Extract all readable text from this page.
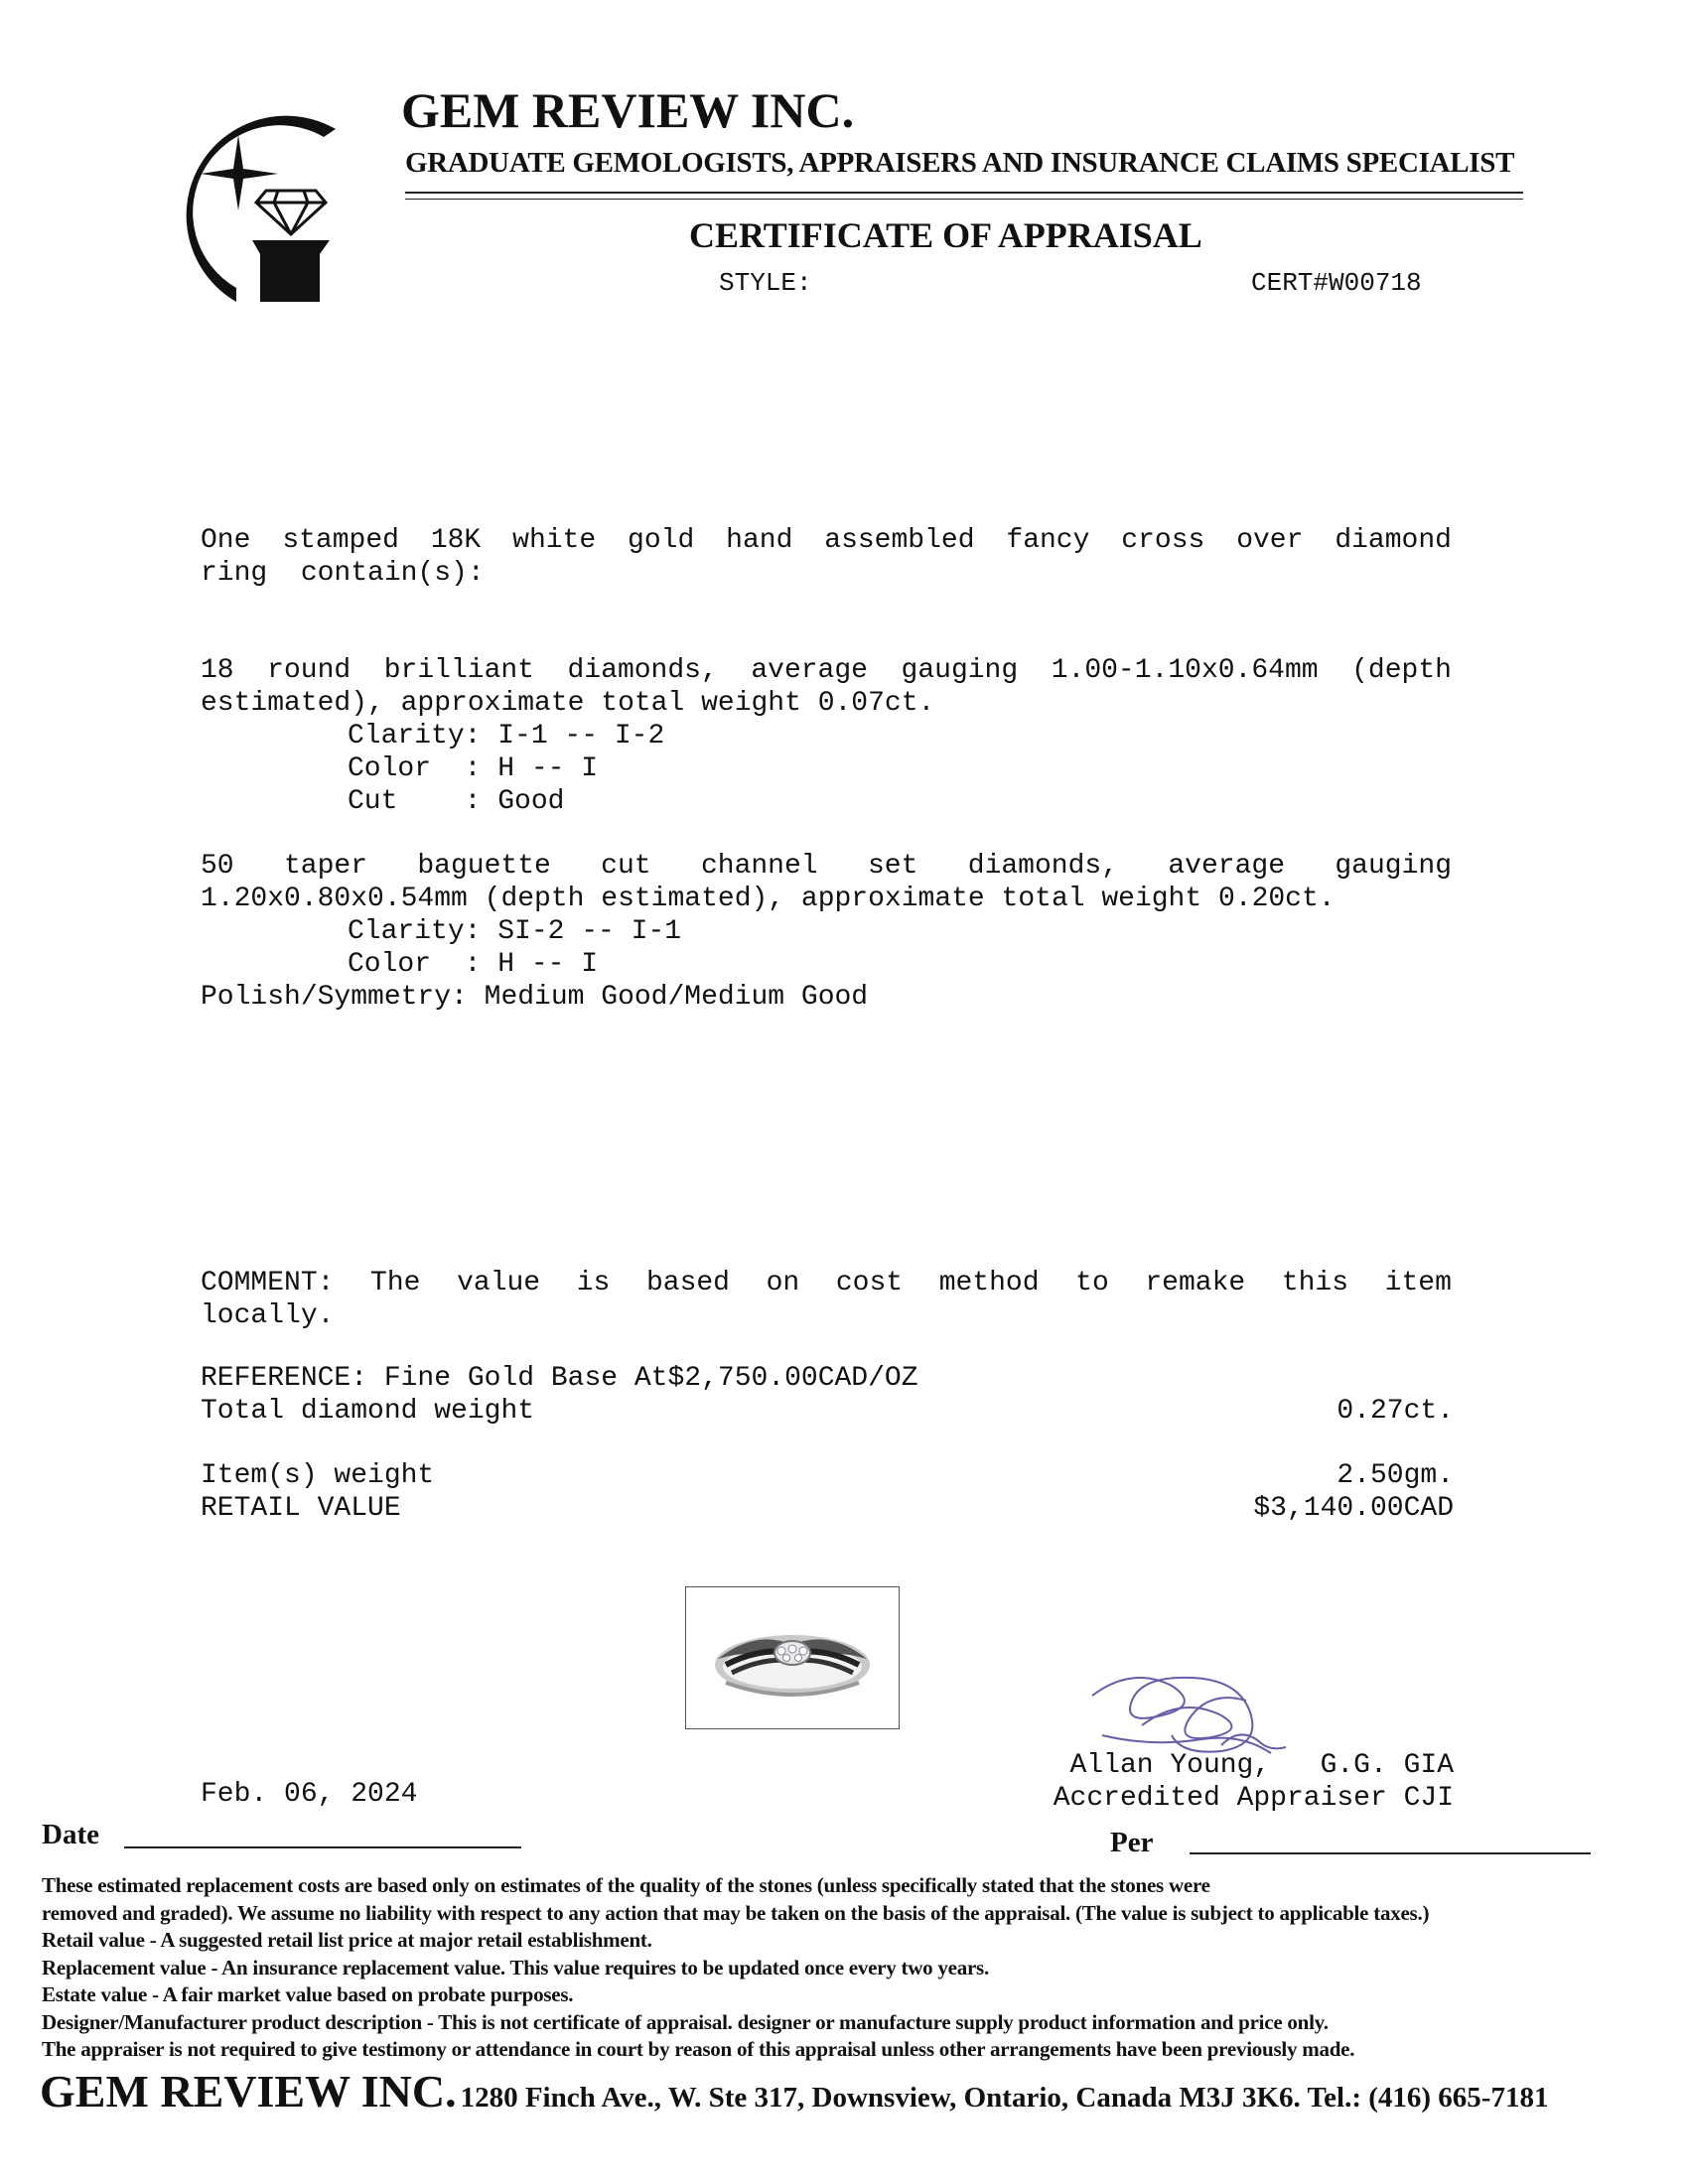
GEM REVIEW INC.
GRADUATE GEMOLOGISTS, APPRAISERS AND INSURANCE CLAIMS SPECIALIST
CERTIFICATE OF APPRAISAL
STYLE:	CERT#W00718
One stamped 18K white gold hand assembled fancy cross over diamond
ring  contain(s):
18 round brilliant diamonds, average gauging 1.00-1.10x0.64mm (depth
estimated), approximate total weight 0.07ct.
Clarity: I-1 -- I-2
Color  : H -- I
Cut    : Good
50 taper baguette cut channel set diamonds, average gauging
1.20x0.80x0.54mm (depth estimated), approximate total weight 0.20ct.
Clarity: SI-2 -- I-1
Color  : H -- I
Polish/Symmetry: Medium Good/Medium Good
COMMENT: The value is based on cost method to remake this item
locally.
REFERENCE: Fine Gold Base At$2,750.00CAD/OZ
Total diamond weight	0.27ct.
Item(s) weight	2.50gm.
RETAIL VALUE	$3,140.00CAD
Allan Young,   G.G. GIA
Accredited Appraiser CJI
Feb. 06, 2024
Date	Per
These estimated replacement costs are based only on estimates of the quality of the stones (unless specifically stated that the stones were
removed and graded). We assume no liability with respect to any action that may be taken on the basis of the appraisal. (The value is subject to applicable taxes.)
Retail value - A suggested retail list price at major retail establishment.
Replacement value - An insurance replacement value. This value requires to be updated once every two years.
Estate value - A fair market value based on probate purposes.
Designer/Manufacturer product description - This is not certificate of appraisal. designer or manufacture supply product information and price only.
The appraiser is not required to give testimony or attendance in court by reason of this appraisal unless other arrangements have been previously made.
GEM REVIEW INC. 1280 Finch Ave., W. Ste 317, Downsview, Ontario, Canada M3J 3K6. Tel.: (416) 665-7181
